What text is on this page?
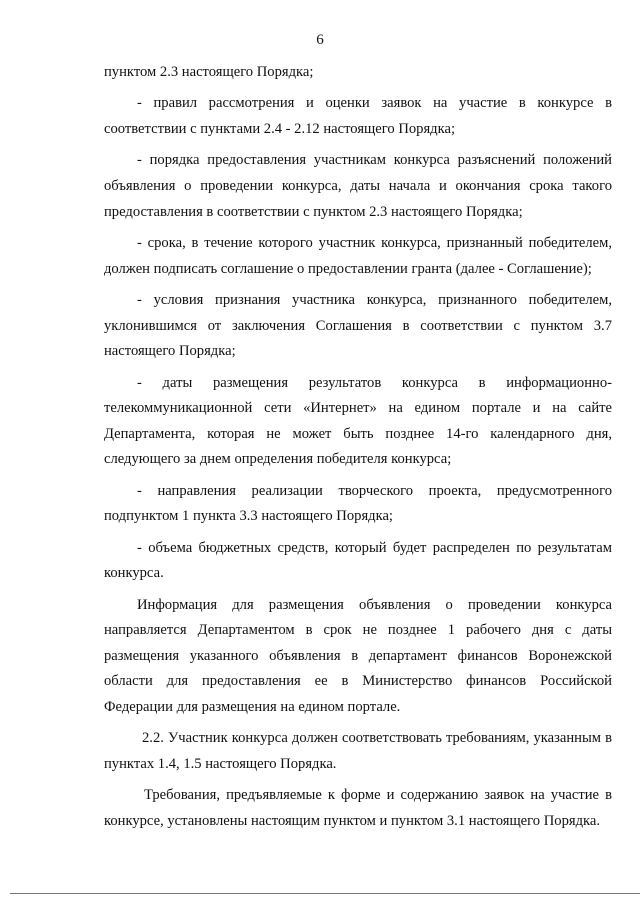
6

пунктом 2.3 настоящего Порядка;

- правил рассмотрения и оценки заявок на участие в конкурсе в соответствии с пунктами 2.4 - 2.12 настоящего Порядка;

- порядка предоставления участникам конкурса разъяснений положений объявления о проведении конкурса, даты начала и окончания срока такого предоставления в соответствии с пунктом 2.3 настоящего Порядка;

- срока, в течение которого участник конкурса, признанный победителем, должен подписать соглашение о предоставлении гранта (далее - Соглашение);

- условия признания участника конкурса, признанного победителем, уклонившимся от заключения Соглашения в соответствии с пунктом 3.7 настоящего Порядка;

- даты размещения результатов конкурса в информационно-телекоммуникационной сети «Интернет» на едином портале и на сайте Департамента, которая не может быть позднее 14-го календарного дня, следующего за днем определения победителя конкурса;

- направления реализации творческого проекта, предусмотренного подпунктом 1 пункта 3.3 настоящего Порядка;

- объема бюджетных средств, который будет распределен по результатам конкурса.

Информация для размещения объявления о проведении конкурса направляется Департаментом в срок не позднее 1 рабочего дня с даты размещения указанного объявления в департамент финансов Воронежской области для предоставления ее в Министерство финансов Российской Федерации для размещения на едином портале.

2.2. Участник конкурса должен соответствовать требованиям, указанным в пунктах 1.4, 1.5 настоящего Порядка.

Требования, предъявляемые к форме и содержанию заявок на участие в конкурсе, установлены настоящим пунктом и пунктом 3.1 настоящего Порядка.
